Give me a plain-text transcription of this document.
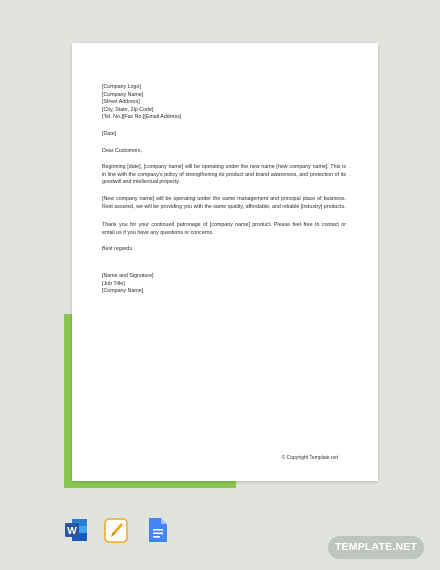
[Company Logo]
[Company Name]
[Street Address]
[City, State, Zip Code]
[Tel. No.][Fax No.][Email Address]
[Date]
Dear Customers,

Beginning [date], [company name] will be operating under the new name [new company name]. This is in line with the company's policy of strengthening its product and brand awareness, and protection of its goodwill and intellectual property.

[New company name] will be operating under the same management and principal place of business. Rest assured, we will be providing you with the same quality, affordable, and reliable [industry] products.

Thank you for your continued patronage of [company name] product. Please feel free to contact or email us if you have any questions or concerns.

Best regards,
[Name and Signature]
[Job Title]
[Company Name]
© Copyright Template.net
W
TEMPLATE.NET
